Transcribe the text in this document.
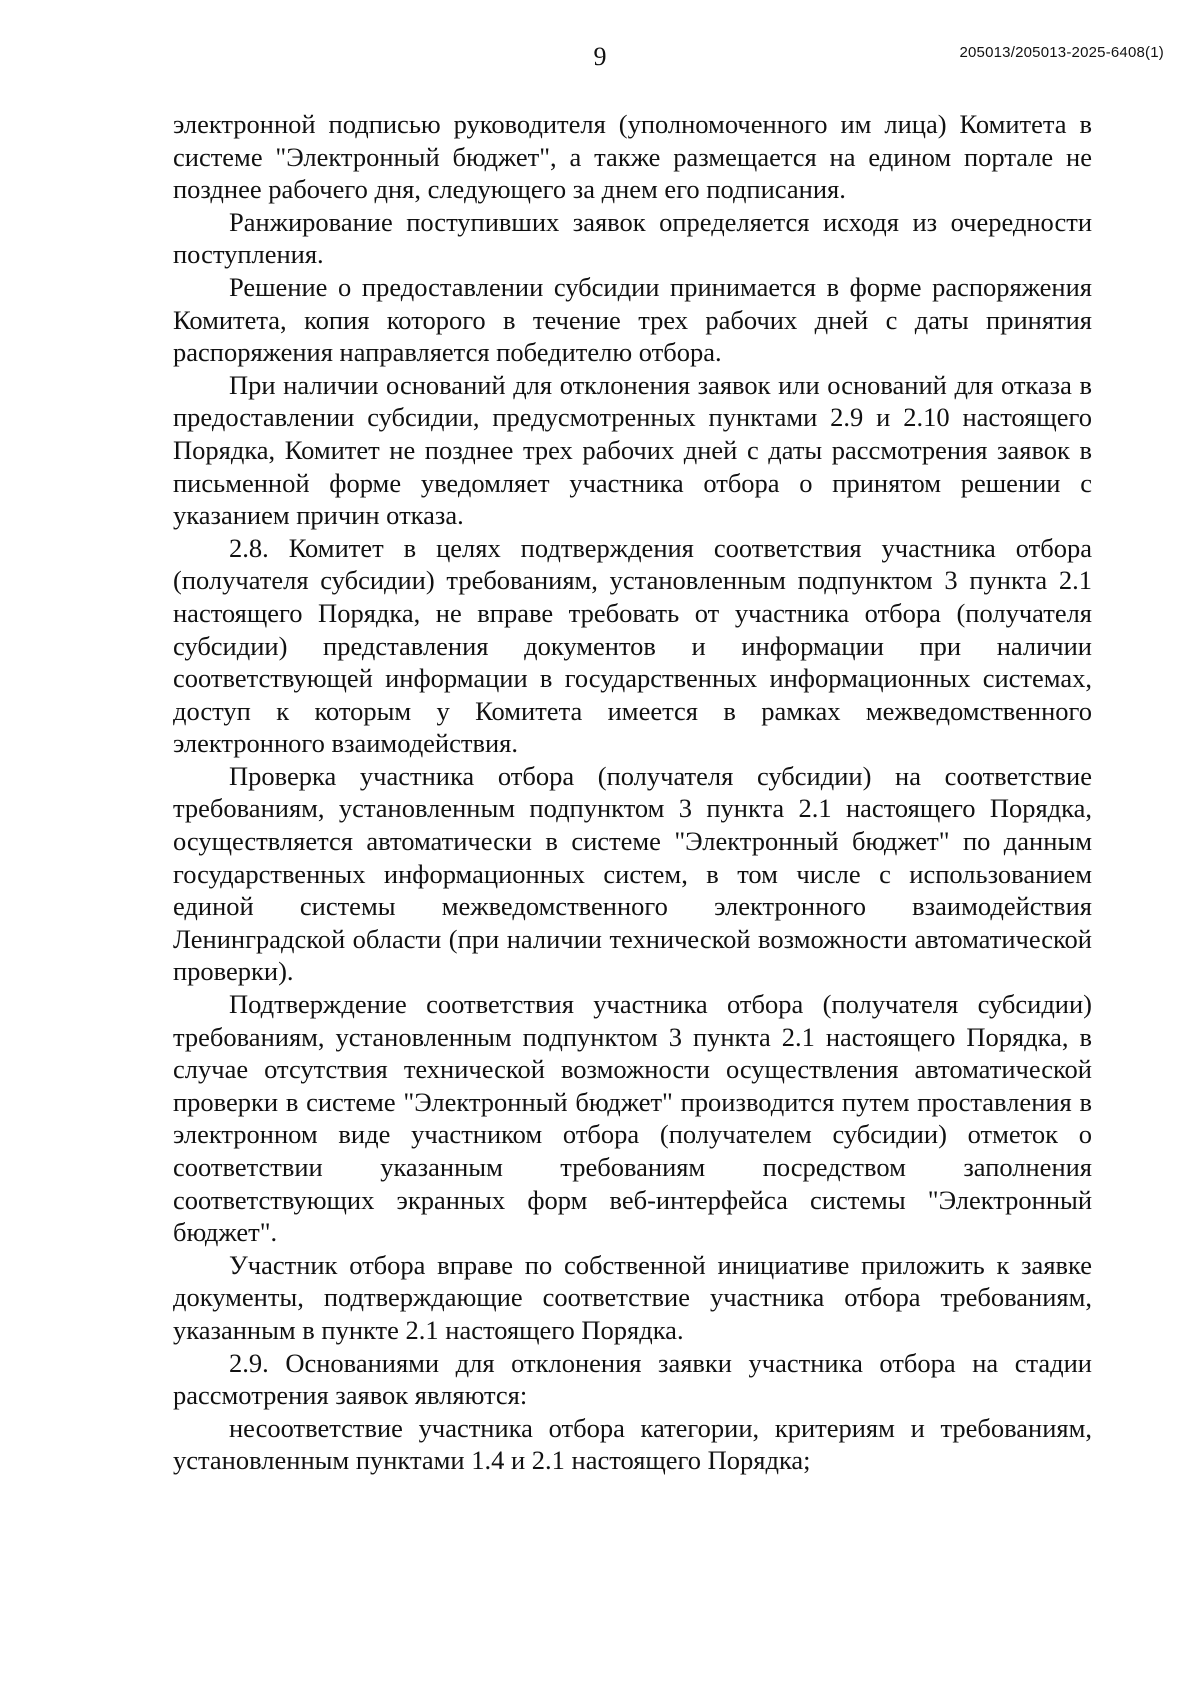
9	205013/205013-2025-6408(1)

электронной подписью руководителя (уполномоченного им лица) Комитета в системе "Электронный бюджет", а также размещается на едином портале не позднее рабочего дня, следующего за днем его подписания.

Ранжирование поступивших заявок определяется исходя из очередности поступления.

Решение о предоставлении субсидии принимается в форме распоряжения Комитета, копия которого в течение трех рабочих дней с даты принятия распоряжения направляется победителю отбора.

При наличии оснований для отклонения заявок или оснований для отказа в предоставлении субсидии, предусмотренных пунктами 2.9 и 2.10 настоящего Порядка, Комитет не позднее трех рабочих дней с даты рассмотрения заявок в письменной форме уведомляет участника отбора о принятом решении с указанием причин отказа.

2.8. Комитет в целях подтверждения соответствия участника отбора (получателя субсидии) требованиям, установленным подпунктом 3 пункта 2.1 настоящего Порядка, не вправе требовать от участника отбора (получателя субсидии) представления документов и информации при наличии соответствующей информации в государственных информационных системах, доступ к которым у Комитета имеется в рамках межведомственного электронного взаимодействия.

Проверка участника отбора (получателя субсидии) на соответствие требованиям, установленным подпунктом 3 пункта 2.1 настоящего Порядка, осуществляется автоматически в системе "Электронный бюджет" по данным государственных информационных систем, в том числе с использованием единой системы межведомственного электронного взаимодействия Ленинградской области (при наличии технической возможности автоматической проверки).

Подтверждение соответствия участника отбора (получателя субсидии) требованиям, установленным подпунктом 3 пункта 2.1 настоящего Порядка, в случае отсутствия технической возможности осуществления автоматической проверки в системе "Электронный бюджет" производится путем проставления в электронном виде участником отбора (получателем субсидии) отметок о соответствии указанным требованиям посредством заполнения соответствующих экранных форм веб-интерфейса системы "Электронный бюджет".

Участник отбора вправе по собственной инициативе приложить к заявке документы, подтверждающие соответствие участника отбора требованиям, указанным в пункте 2.1 настоящего Порядка.

2.9. Основаниями для отклонения заявки участника отбора на стадии рассмотрения заявок являются:

несоответствие участника отбора категории, критериям и требованиям, установленным пунктами 1.4 и 2.1 настоящего Порядка;
